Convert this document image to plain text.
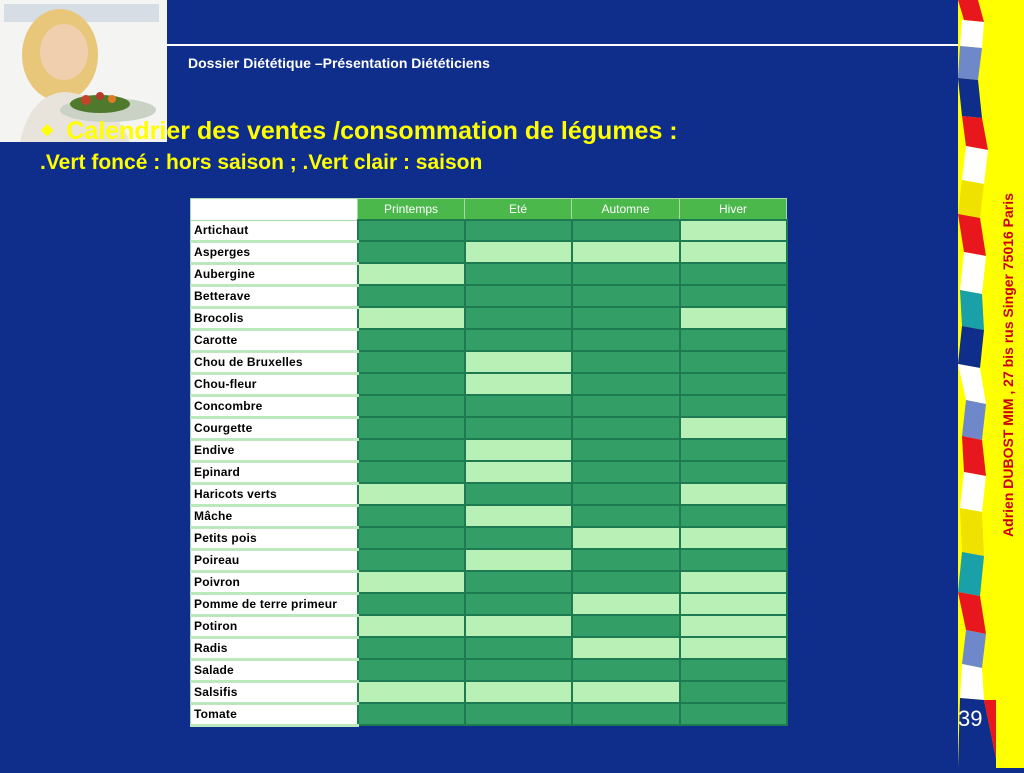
Dossier Diététique –Présentation Diététiciens
❖ Calendrier des ventes /consommation de légumes :
.Vert foncé : hors saison ; .Vert clair : saison
	Printemps	Eté	Automne	Hiver
Artichaut				
Asperges				
Aubergine				
Betterave				
Brocolis				
Carotte				
Chou de Bruxelles				
Chou-fleur				
Concombre				
Courgette				
Endive				
Epinard				
Haricots verts				
Mâche				
Petits pois				
Poireau				
Poivron				
Pomme de terre primeur				
Potiron				
Radis				
Salade				
Salsifis				
Tomate				
Adrien DUBOST MIM , 27 bis rus Singer 75016 Paris
39
